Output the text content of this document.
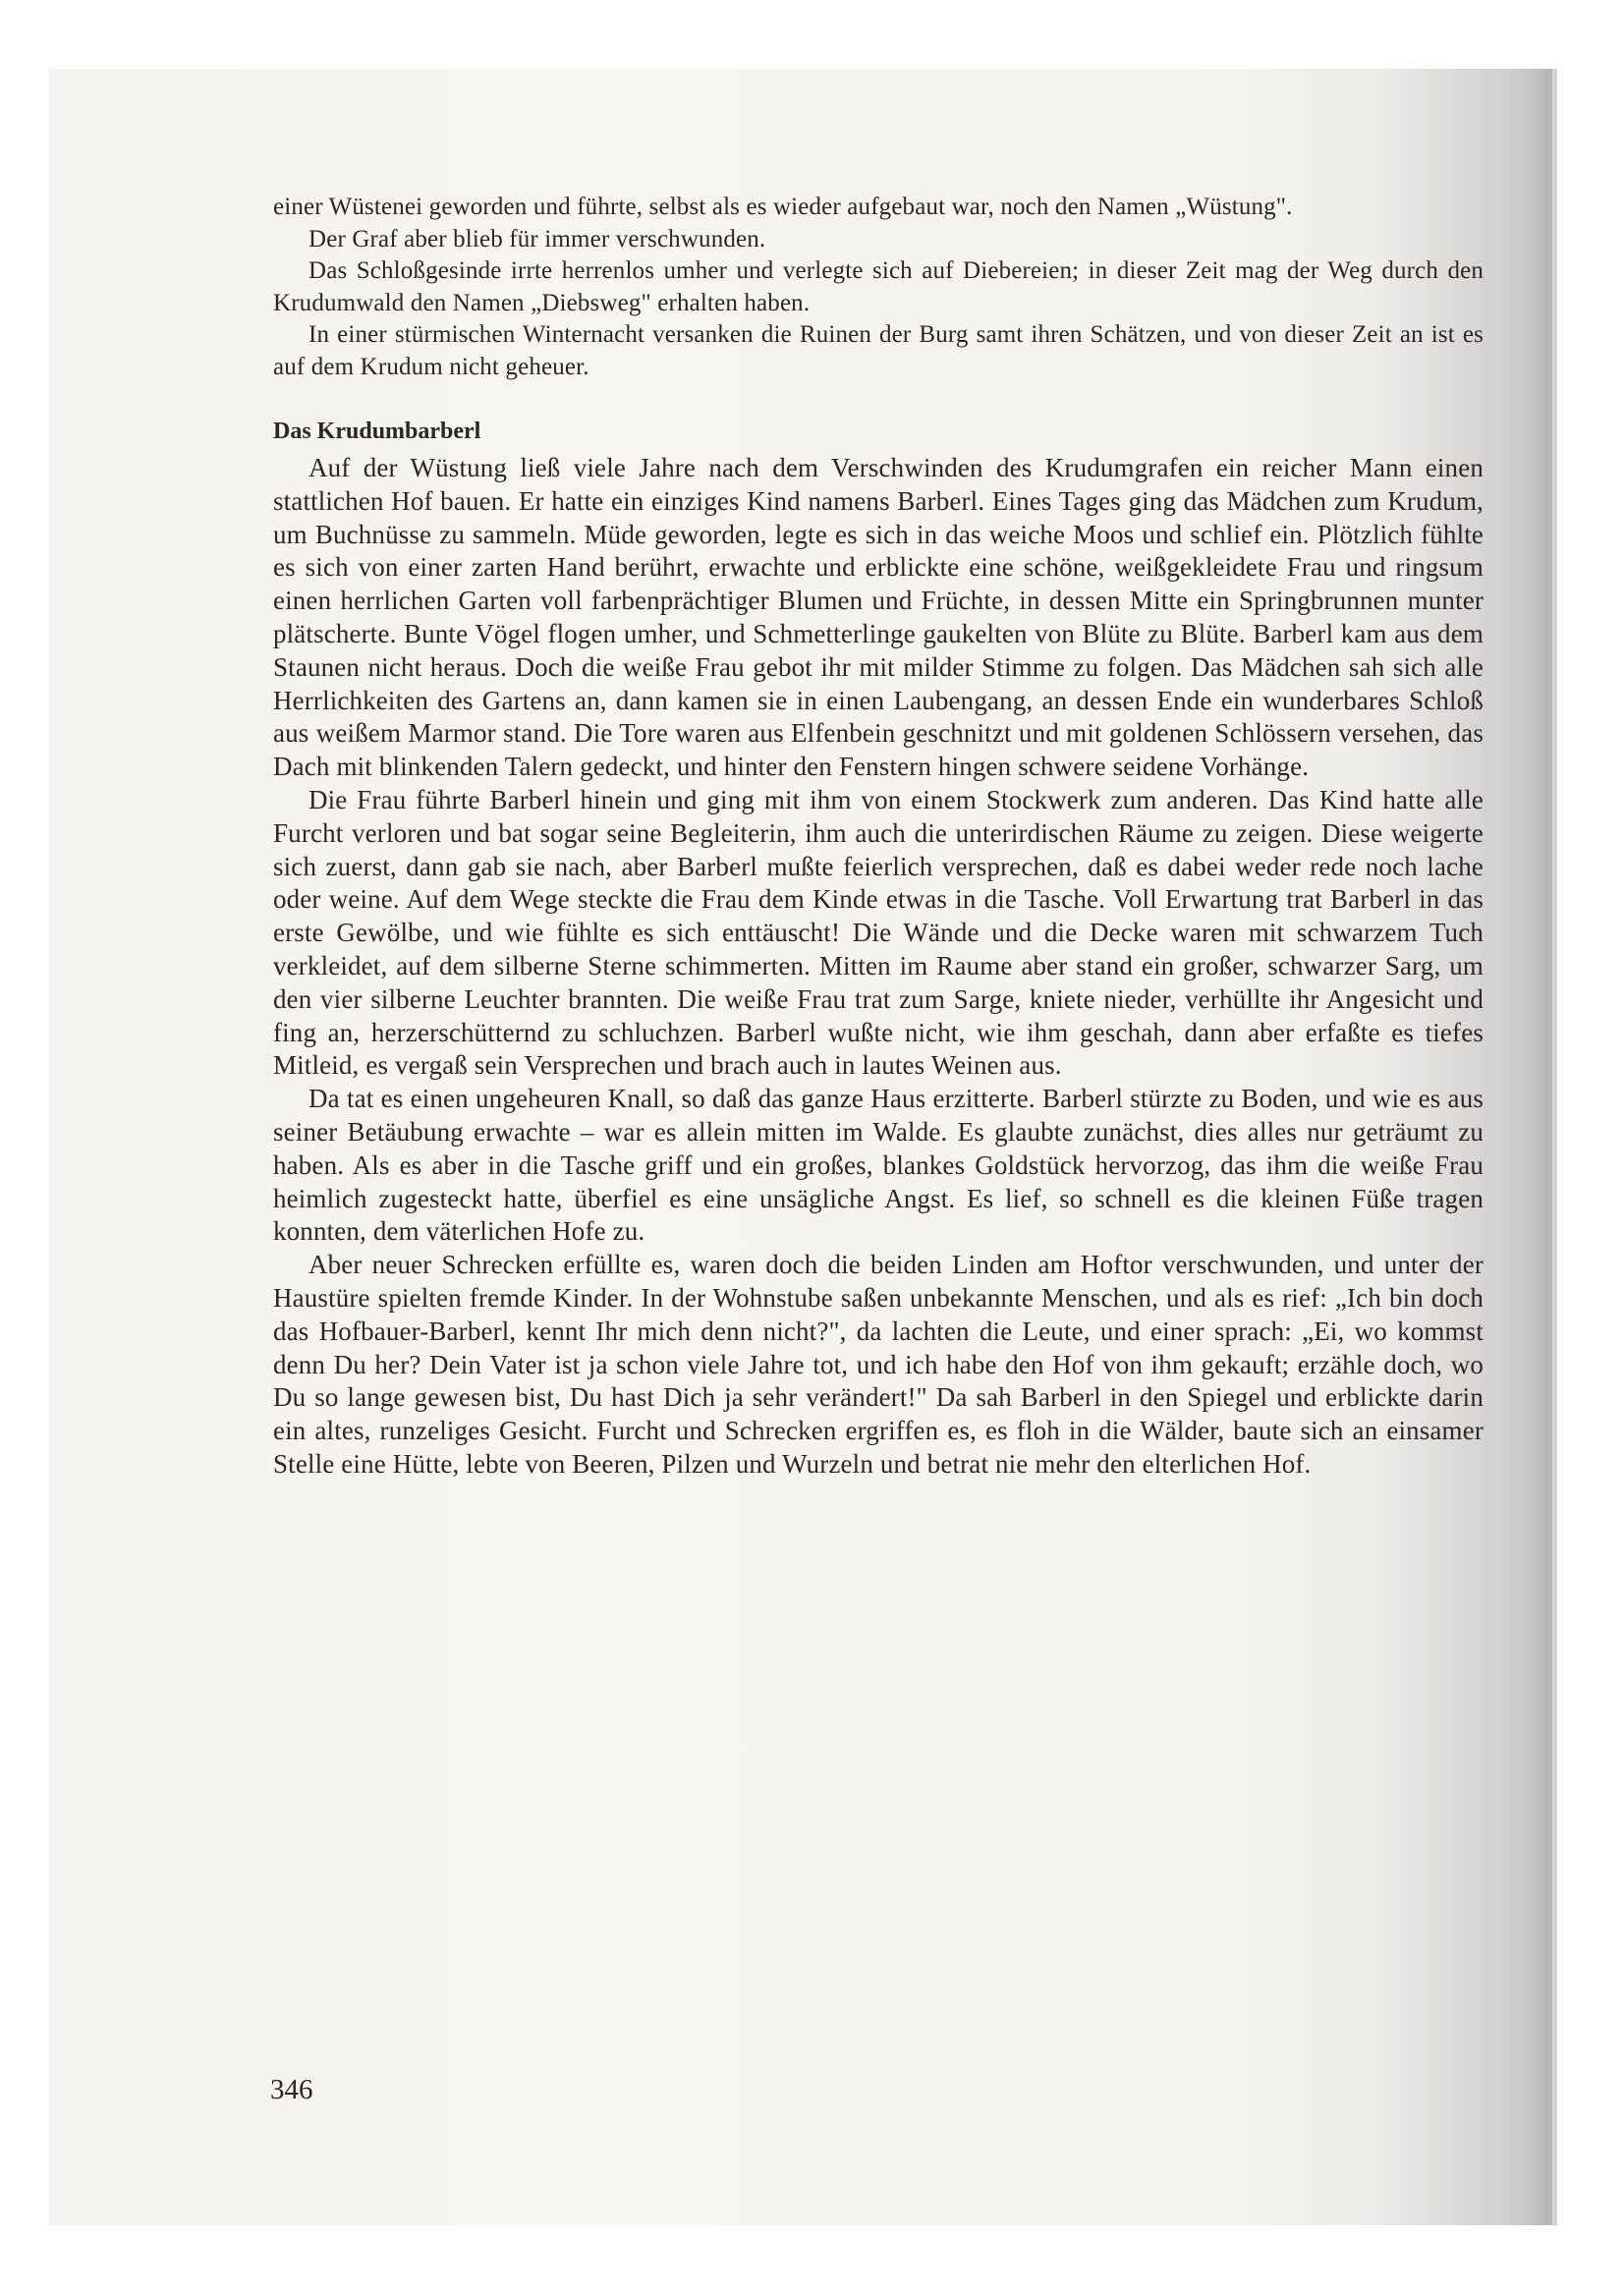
einer Wüstenei geworden und führte, selbst als es wieder aufgebaut war, noch den Namen „Wüstung".

Der Graf aber blieb für immer verschwunden.

Das Schloßgesinde irrte herrenlos umher und verlegte sich auf Diebereien; in dieser Zeit mag der Weg durch den Krudumwald den Namen „Diebsweg" erhalten haben.

In einer stürmischen Winternacht versanken die Ruinen der Burg samt ihren Schätzen, und von dieser Zeit an ist es auf dem Krudum nicht geheuer.

Das Krudumbarberl

Auf der Wüstung ließ viele Jahre nach dem Verschwinden des Krudumgrafen ein reicher Mann einen stattlichen Hof bauen. Er hatte ein einziges Kind namens Barberl. Eines Tages ging das Mädchen zum Krudum, um Buchnüsse zu sammeln. Müde geworden, legte es sich in das weiche Moos und schlief ein. Plötzlich fühlte es sich von einer zarten Hand berührt, erwachte und erblickte eine schöne, weißgekleidete Frau und ringsum einen herrlichen Garten voll farbenprächtiger Blumen und Früchte, in dessen Mitte ein Springbrunnen munter plätscherte. Bunte Vögel flogen umher, und Schmetterlinge gaukelten von Blüte zu Blüte. Barberl kam aus dem Staunen nicht heraus. Doch die weiße Frau gebot ihr mit milder Stimme zu folgen. Das Mädchen sah sich alle Herrlichkeiten des Gartens an, dann kamen sie in einen Laubengang, an dessen Ende ein wunderbares Schloß aus weißem Marmor stand. Die Tore waren aus Elfenbein geschnitzt und mit goldenen Schlössern versehen, das Dach mit blinkenden Talern gedeckt, und hinter den Fenstern hingen schwere seidene Vorhänge.

Die Frau führte Barberl hinein und ging mit ihm von einem Stockwerk zum anderen. Das Kind hatte alle Furcht verloren und bat sogar seine Begleiterin, ihm auch die unterirdischen Räume zu zeigen. Diese weigerte sich zuerst, dann gab sie nach, aber Barberl mußte feierlich versprechen, daß es dabei weder rede noch lache oder weine. Auf dem Wege steckte die Frau dem Kinde etwas in die Tasche. Voll Erwartung trat Barberl in das erste Gewölbe, und wie fühlte es sich enttäuscht! Die Wände und die Decke waren mit schwarzem Tuch verkleidet, auf dem silberne Sterne schimmerten. Mitten im Raume aber stand ein großer, schwarzer Sarg, um den vier silberne Leuchter brannten. Die weiße Frau trat zum Sarge, kniete nieder, verhüllte ihr Angesicht und fing an, herzerschütternd zu schluchzen. Barberl wußte nicht, wie ihm geschah, dann aber erfaßte es tiefes Mitleid, es vergaß sein Versprechen und brach auch in lautes Weinen aus.

Da tat es einen ungeheuren Knall, so daß das ganze Haus erzitterte. Barberl stürzte zu Boden, und wie es aus seiner Betäubung erwachte – war es allein mitten im Walde. Es glaubte zunächst, dies alles nur geträumt zu haben. Als es aber in die Tasche griff und ein großes, blankes Goldstück hervorzog, das ihm die weiße Frau heimlich zugesteckt hatte, überfiel es eine unsägliche Angst. Es lief, so schnell es die kleinen Füße tragen konnten, dem väterlichen Hofe zu.

Aber neuer Schrecken erfüllte es, waren doch die beiden Linden am Hoftor verschwunden, und unter der Haustüre spielten fremde Kinder. In der Wohnstube saßen unbekannte Menschen, und als es rief: „Ich bin doch das Hofbauer-Barberl, kennt Ihr mich denn nicht?", da lachten die Leute, und einer sprach: „Ei, wo kommst denn Du her? Dein Vater ist ja schon viele Jahre tot, und ich habe den Hof von ihm gekauft; erzähle doch, wo Du so lange gewesen bist, Du hast Dich ja sehr verändert!" Da sah Barberl in den Spiegel und erblickte darin ein altes, runzeliges Gesicht. Furcht und Schrecken ergriffen es, es floh in die Wälder, baute sich an einsamer Stelle eine Hütte, lebte von Beeren, Pilzen und Wurzeln und betrat nie mehr den elterlichen Hof.

346
